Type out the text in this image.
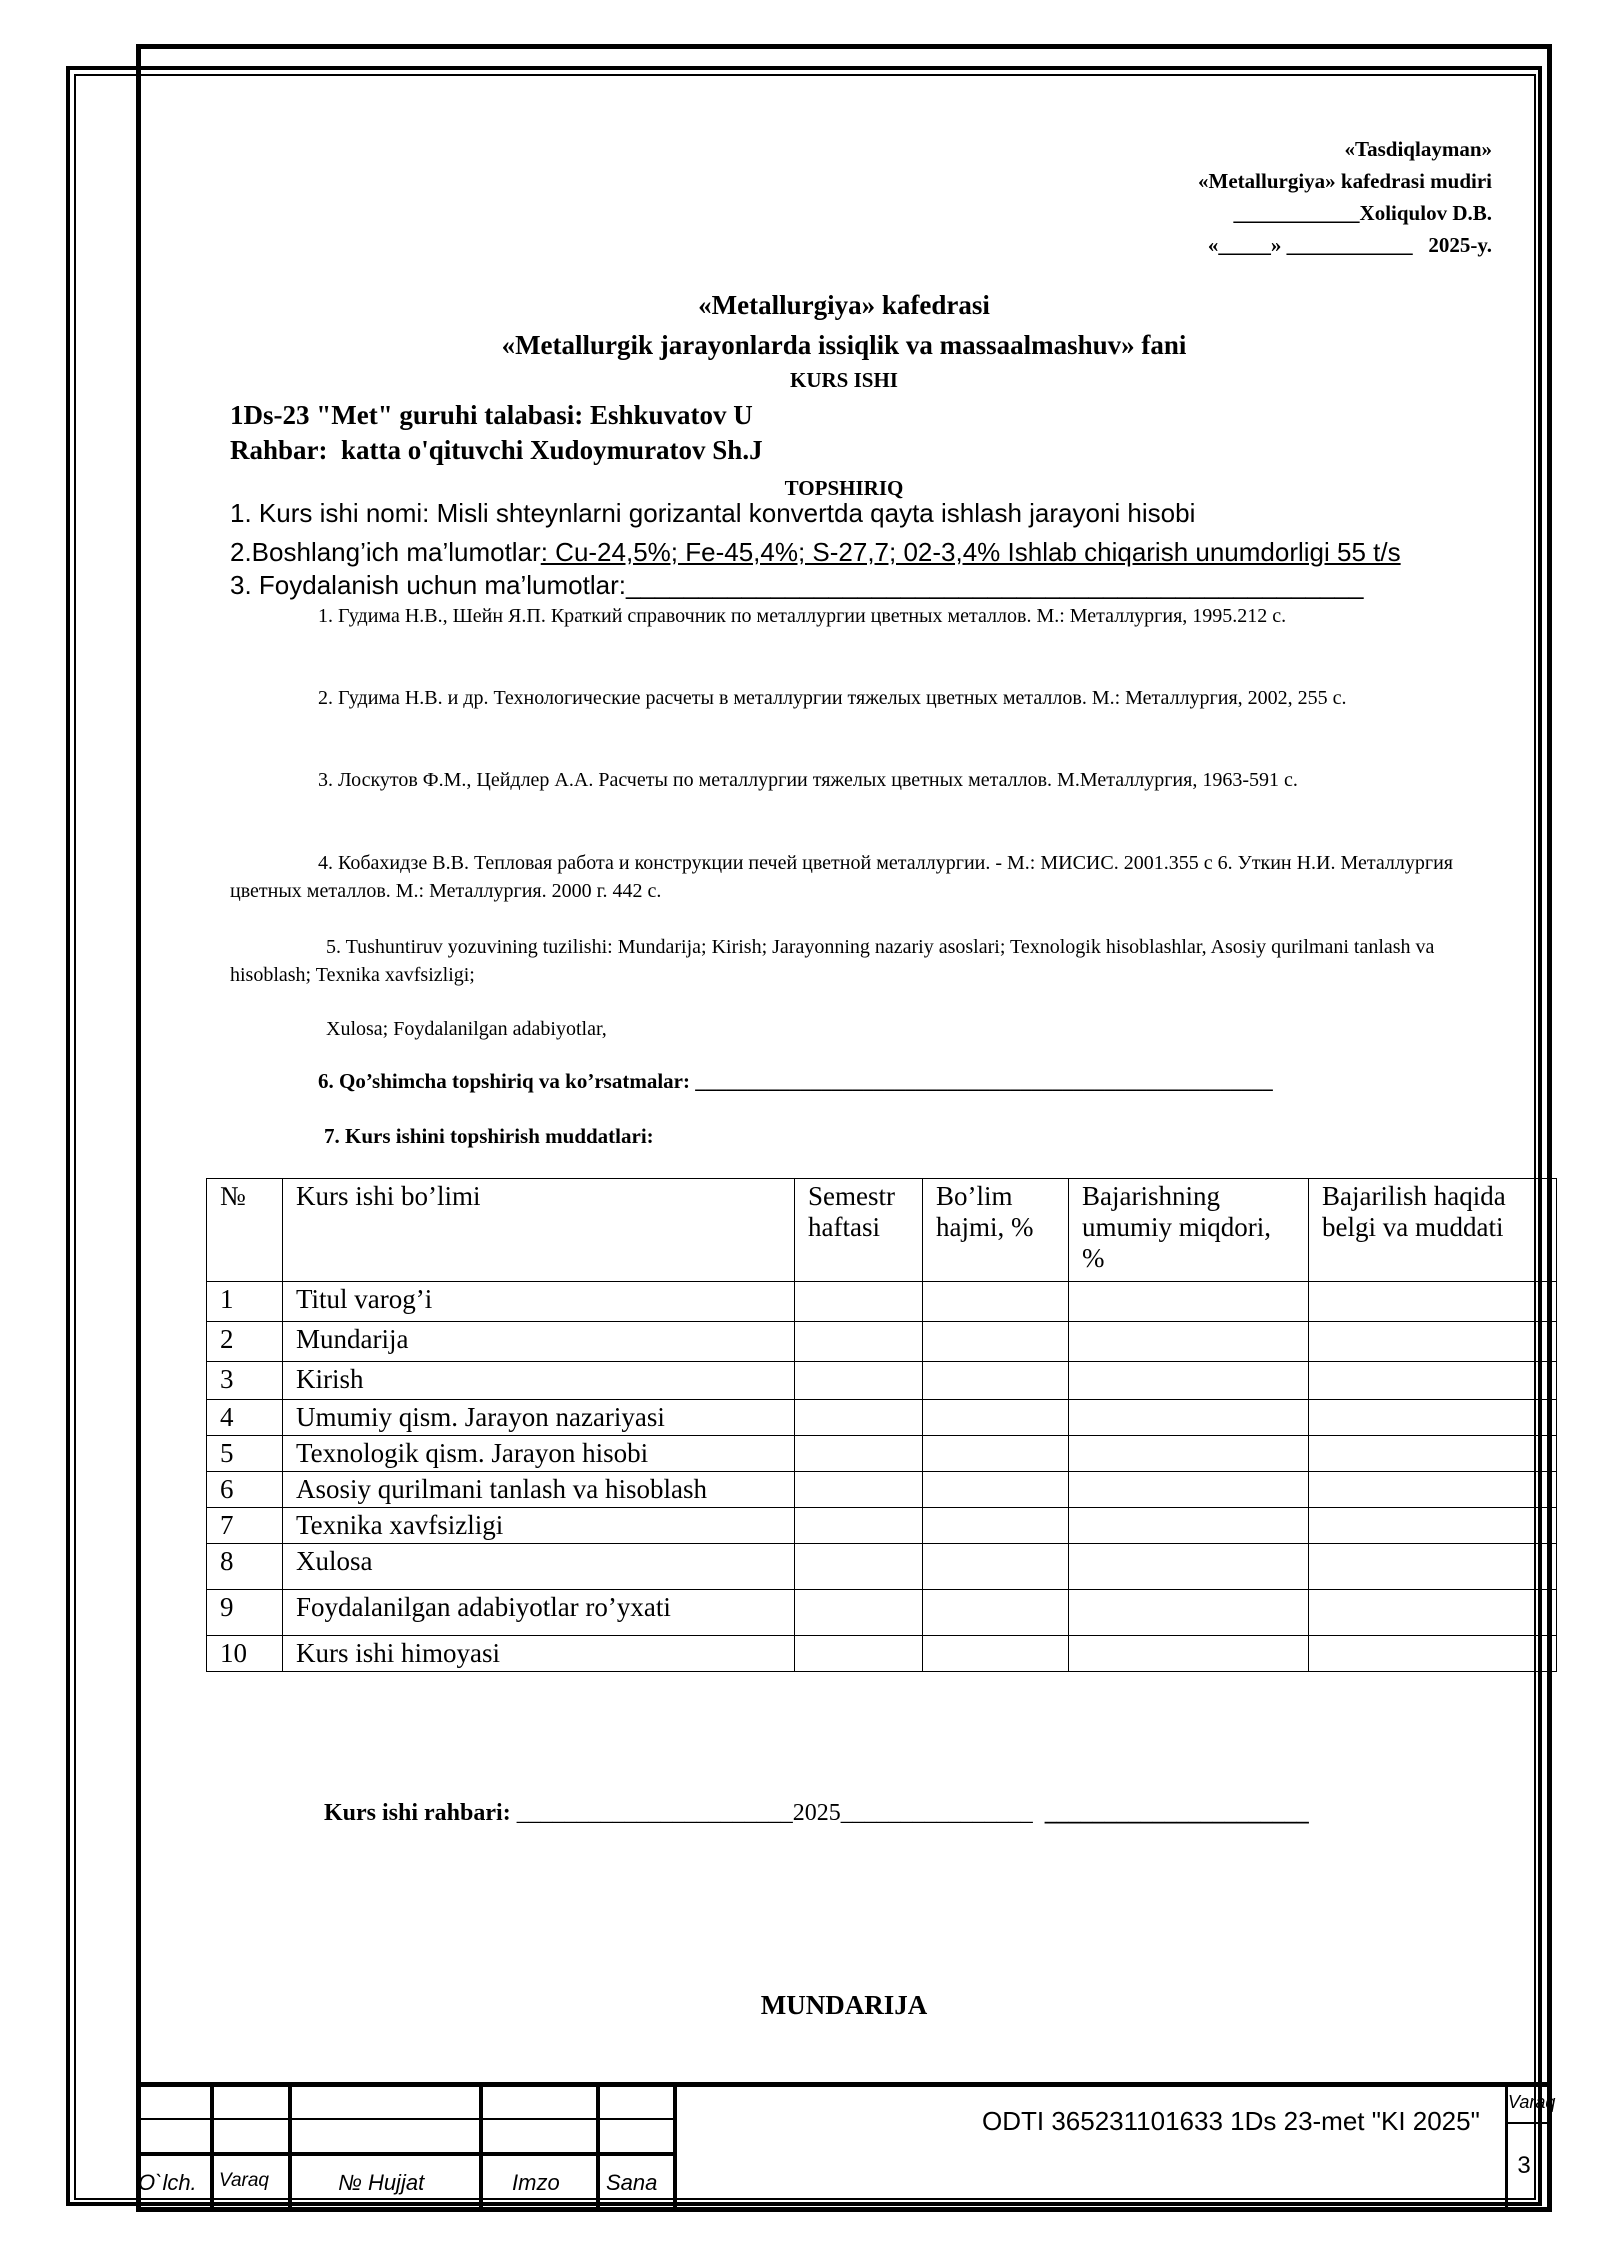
«Tasdiqlayman»
«Metallurgiya» kafedrasi mudiri
____________Xoliqulov D.B.
«_____» ____________   2025-y.
«Metallurgiya» kafedrasi
«Metallurgik jarayonlarda issiqlik va massaalmashuv» fani
KURS ISHI
1Ds-23 "Met" guruhi talabasi: Eshkuvatov U
Rahbar:  katta o'qituvchi Xudoymuratov Sh.J
TOPSHIRIQ
1. Kurs ishi nomi: Misli shteynlarni gorizantal konvertda qayta ishlash jarayoni hisobi
2.Boshlang’ich ma’lumotlar: Cu-24,5%; Fe-45,4%; S-27,7; 02-3,4% Ishlab chiqarish unumdorligi 55 t/s
3. Foydalanish uchun ma’lumotlar:___________________________________________________
1. Гудима Н.В., Шейн Я.П. Краткий справочник по металлургии цветных металлов. М.: Металлургия, 1995.212 с.
2. Гудима Н.В. и др. Технологические расчеты в металлургии тяжелых цветных металлов. М.: Металлургия, 2002, 255 с.
3. Лоскутов Ф.М., Цейдлер А.А. Расчеты по металлургии тяжелых цветных металлов. М.Металлургия, 1963-591 с.
4. Кобахидзе В.В. Тепловая работа и конструкции печей цветной металлургии. - М.: МИСИС. 2001.355 с 6. Уткин Н.И. Металлургия цветных металлов. М.: Металлургия. 2000 г. 442 с.
5. Tushuntiruv yozuvining tuzilishi: Mundarija; Kirish; Jarayonning nazariy asoslari; Texnologik hisoblashlar, Asosiy qurilmani tanlash va hisoblash; Texnika xavfsizligi;
Xulosa; Foydalanilgan adabiyotlar,
6. Qo’shimcha topshiriq va ko’rsatmalar: _______________________________________________________
7. Kurs ishini topshirish muddatlari:
№	Kurs ishi bo’limi	Semestr haftasi	Bo’lim hajmi, %	Bajarishning umumiy miqdori, %	Bajarilish haqida belgi va muddati
1	Titul varog’i				
2	Mundarija				
3	Kirish				
4	Umumiy qism. Jarayon nazariyasi				
5	Texnologik qism. Jarayon hisobi				
6	Asosiy qurilmani tanlash va hisoblash				
7	Texnika xavfsizligi				
8	Xulosa				
9	Foydalanilgan adabiyotlar ro’yxati				
10	Kurs ishi himoyasi				
Kurs ishi rahbari: _______________________2025________________  ______________________
MUNDARIJA
O`lch. Varaq	№ Hujjat	Imzo Sana
ODTI 365231101633 1Ds 23-met "KI 2025"
Varaq
3
